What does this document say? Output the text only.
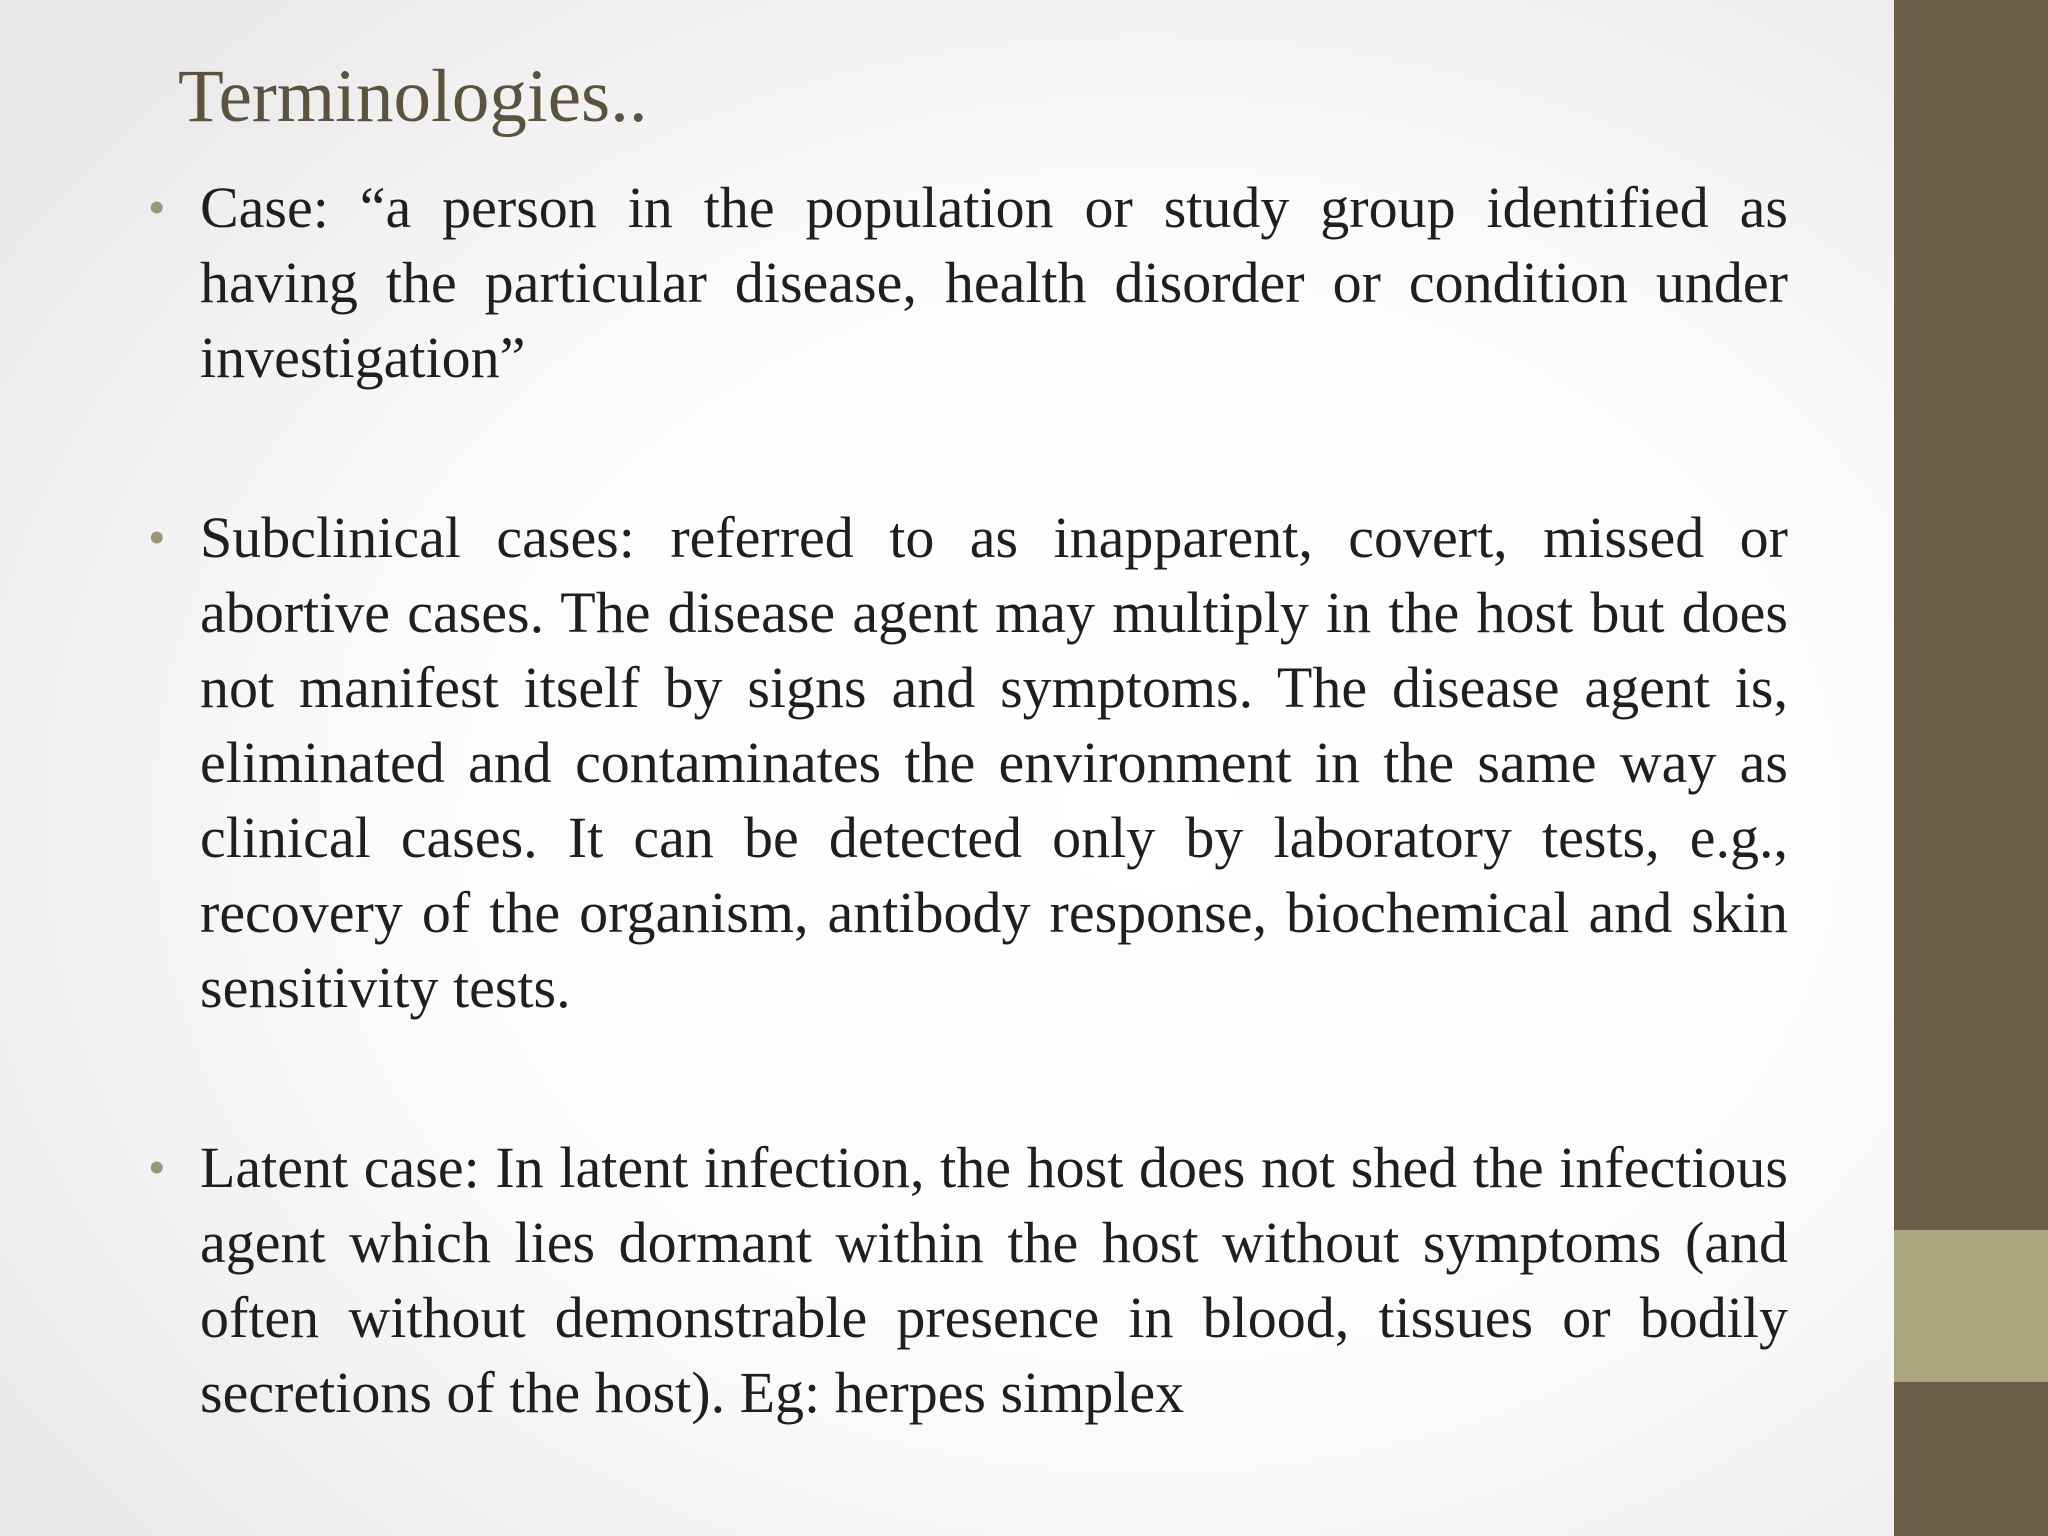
Terminologies..
• Case: “a person in the population or study group identified as having the particular disease, health disorder or condition under investigation”
• Subclinical cases: referred to as inapparent, covert, missed or abortive cases. The disease agent may multiply in the host but does not manifest itself by signs and symptoms. The disease agent is, eliminated and contaminates the environment in the same way as clinical cases. It can be detected only by laboratory tests, e.g., recovery of the organism, antibody response, biochemical and skin sensitivity tests.
• Latent case: In latent infection, the host does not shed the infectious agent which lies dormant within the host without symptoms (and often without demonstrable presence in blood, tissues or bodily secretions of the host). Eg: herpes simplex
